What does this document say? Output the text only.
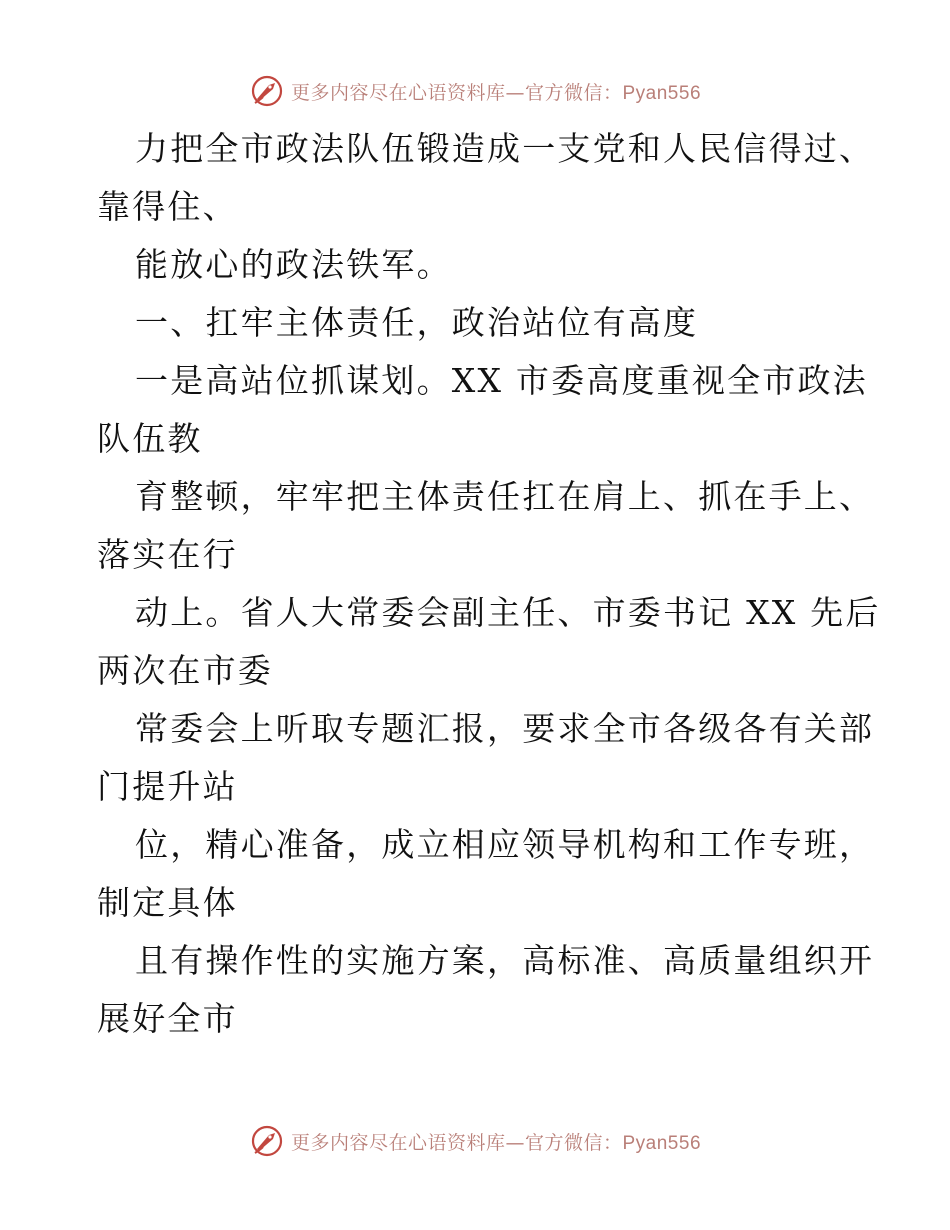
更多内容尽在心语资料库—官方微信：Pyan556
力把全市政法队伍锻造成一支党和人民信得过、
靠得住、
能放心的政法铁军。
一、扛牢主体责任，政治站位有高度
一是高站位抓谋划。XX 市委高度重视全市政法
队伍教
育整顿，牢牢把主体责任扛在肩上、抓在手上、
落实在行
动上。省人大常委会副主任、市委书记 XX 先后
两次在市委
常委会上听取专题汇报，要求全市各级各有关部
门提升站
位，精心准备，成立相应领导机构和工作专班，
制定具体
且有操作性的实施方案，高标准、高质量组织开
展好全市
更多内容尽在心语资料库—官方微信：Pyan556
